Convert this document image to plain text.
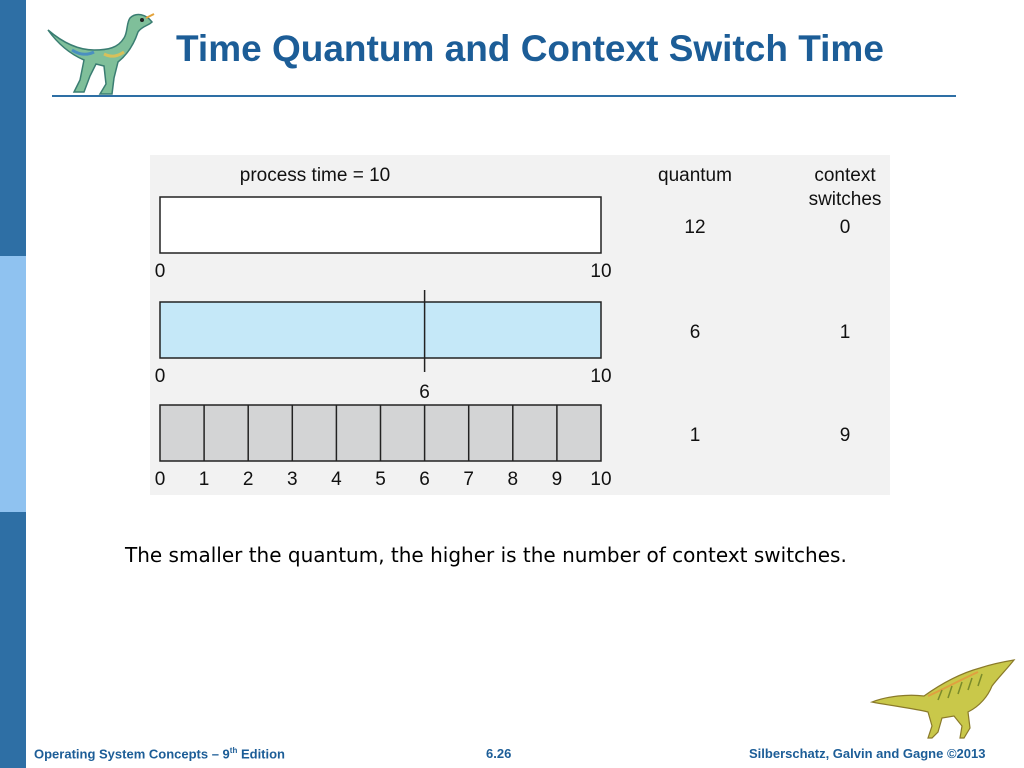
Time Quantum and Context Switch Time
process time = 10	quantum	context
switches
0	10
12	0
0	10
6
6	1
0 1 2 3 4 5 6 7 8 9 10
1	9

The smaller the quantum, the higher is the number of context switches.

Operating System Concepts – 9th Edition	6.26	Silberschatz, Galvin and Gagne ©2013
